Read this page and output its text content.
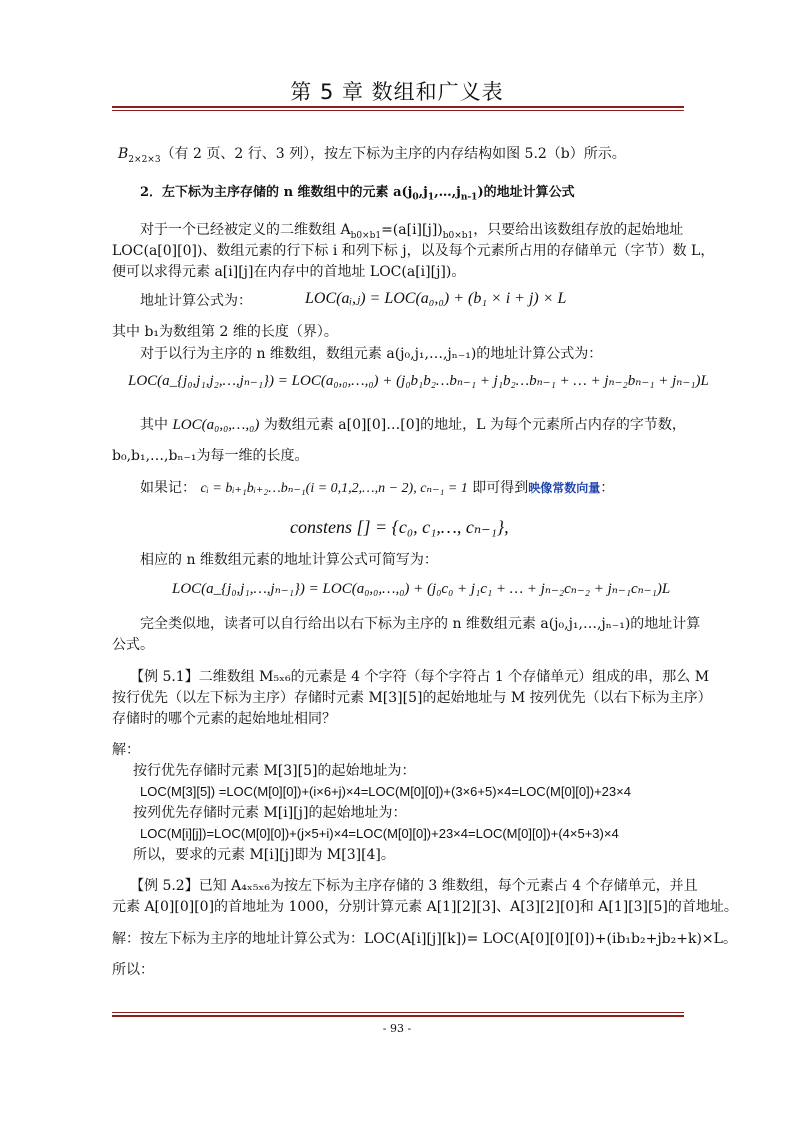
第 5 章 数组和广义表
$B_{2\times 2\times 3}$（有 2 页、2 行、3 列），按左下标为主序的内存结构如图 5.2（b）所示。
2．左下标为主序存储的 n 维数组中的元素 $a(j_0,j_1,\dots,j_{n-1})$的地址计算公式
对于一个已经被定义的二维数组 $A_{b0\times b1}=(a[i][j])_{b0\times b1}$，只要给出该数组存放的起始地址
LOC(a[0][0])、数组元素的行下标 i 和列下标 j，以及每个元素所占用的存储单元（字节）数 L，
便可以求得元素 a[i][j]在内存中的首地址 LOC(a[i][j])。
地址计算公式为：	LOC(aᵢ,ⱼ) = LOC(a₀,₀) + (b₁ × i + j) × L
其中 b₁为数组第 2 维的长度（界）。
对于以行为主序的 n 维数组，数组元素 a(j₀,j₁,…,jₙ₋₁)的地址计算公式为：
LOC(a_{j₀,j₁,j₂,…,jₙ₋₁}) = LOC(a₀,₀,…,₀) + (j₀b₁b₂…bₙ₋₁ + j₁b₂…bₙ₋₁ + … + jₙ₋₂bₙ₋₁ + jₙ₋₁)L
其中 LOC(a₀,₀,…,₀) 为数组元素 a[0][0]…[0]的地址，L 为每个元素所占内存的字节数，
b₀,b₁,…,bₙ₋₁为每一维的长度。
如果记： cᵢ = bᵢ₊₁bᵢ₊₂…bₙ₋₁(i = 0,1,2,…,n − 2), cₙ₋₁ = 1 即可得到映像常数向量：
constens [] = {c₀, c₁,…, cₙ₋₁},
相应的 n 维数组元素的地址计算公式可简写为：
LOC(a_{j₀,j₁,…,jₙ₋₁}) = LOC(a₀,₀,…,₀) + (j₀c₀ + j₁c₁ + … + jₙ₋₂cₙ₋₂ + jₙ₋₁cₙ₋₁)L
完全类似地，读者可以自行给出以右下标为主序的 n 维数组元素 a(j₀,j₁,…,jₙ₋₁)的地址计算
公式。
【例 5.1】二维数组 M₅ₓ₆的元素是 4 个字符（每个字符占 1 个存储单元）组成的串，那么 M
按行优先（以左下标为主序）存储时元素 M[3][5]的起始地址与 M 按列优先（以右下标为主序）
存储时的哪个元素的起始地址相同？
解：
按行优先存储时元素 M[3][5]的起始地址为：
LOC(M[3][5]) =LOC(M[0][0])+(i×6+j)×4=LOC(M[0][0])+(3×6+5)×4=LOC(M[0][0])+23×4
按列优先存储时元素 M[i][j]的起始地址为：
LOC(M[i][j])=LOC(M[0][0])+(j×5+i)×4=LOC(M[0][0])+23×4=LOC(M[0][0])+(4×5+3)×4
所以，要求的元素 M[i][j]即为 M[3][4]。
【例 5.2】已知 A₄ₓ₅ₓ₆为按左下标为主序存储的 3 维数组，每个元素占 4 个存储单元，并且
元素 A[0][0][0]的首地址为 1000，分别计算元素 A[1][2][3]、A[3][2][0]和 A[1][3][5]的首地址。
解：按左下标为主序的地址计算公式为：LOC(A[i][j][k])= LOC(A[0][0][0])+(ib₁b₂+jb₂+k)×L。
所以：
- 93 -
